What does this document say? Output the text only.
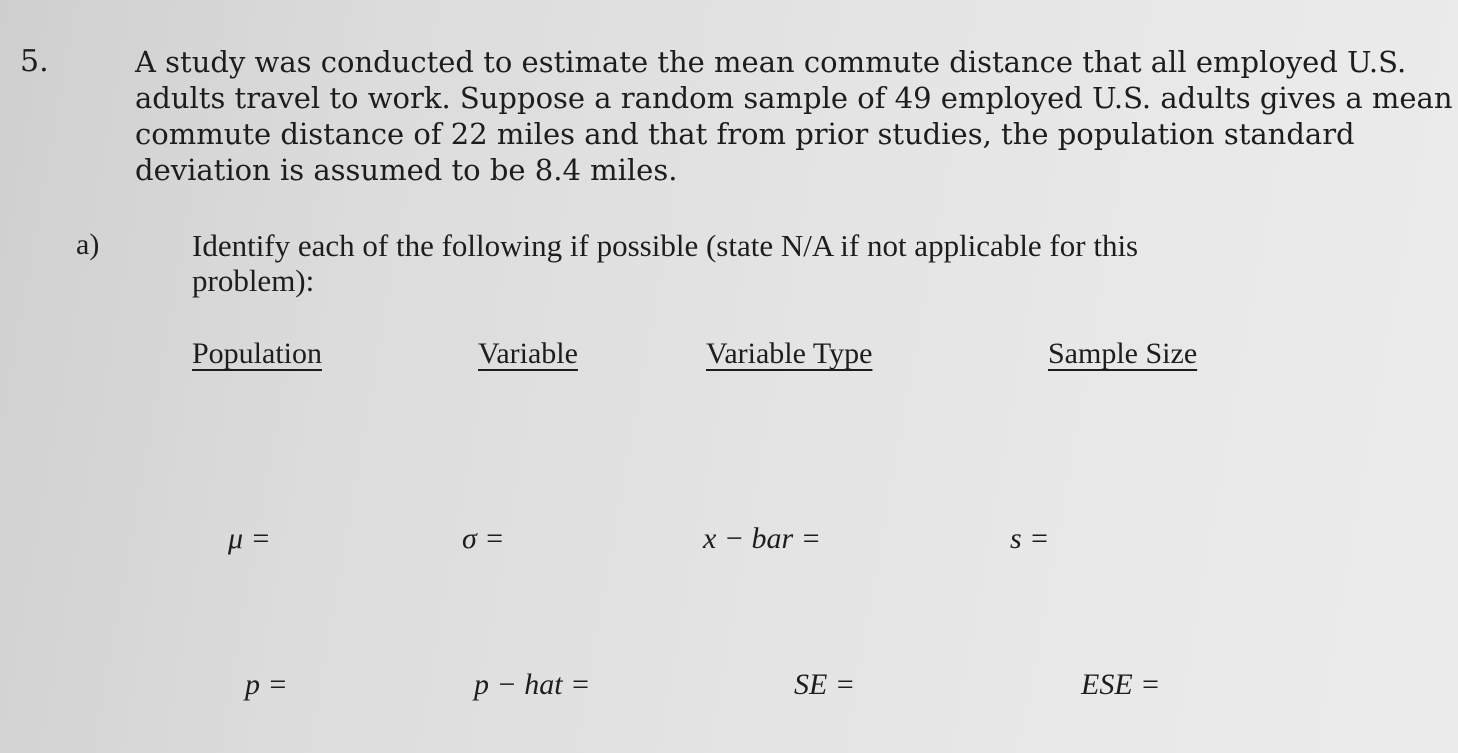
5.	A study was conducted to estimate the mean commute distance that all employed U.S.
adults travel to work. Suppose a random sample of 49 employed U.S. adults gives a mean
commute distance of 22 miles and that from prior studies, the population standard
deviation is assumed to be 8.4 miles.
a)	Identify each of the following if possible (state N/A if not applicable for this
problem):
Population	Variable	Variable Type	Sample Size
μ =	σ =	x − bar =	s =
p =	p − hat =	SE =	ESE =
